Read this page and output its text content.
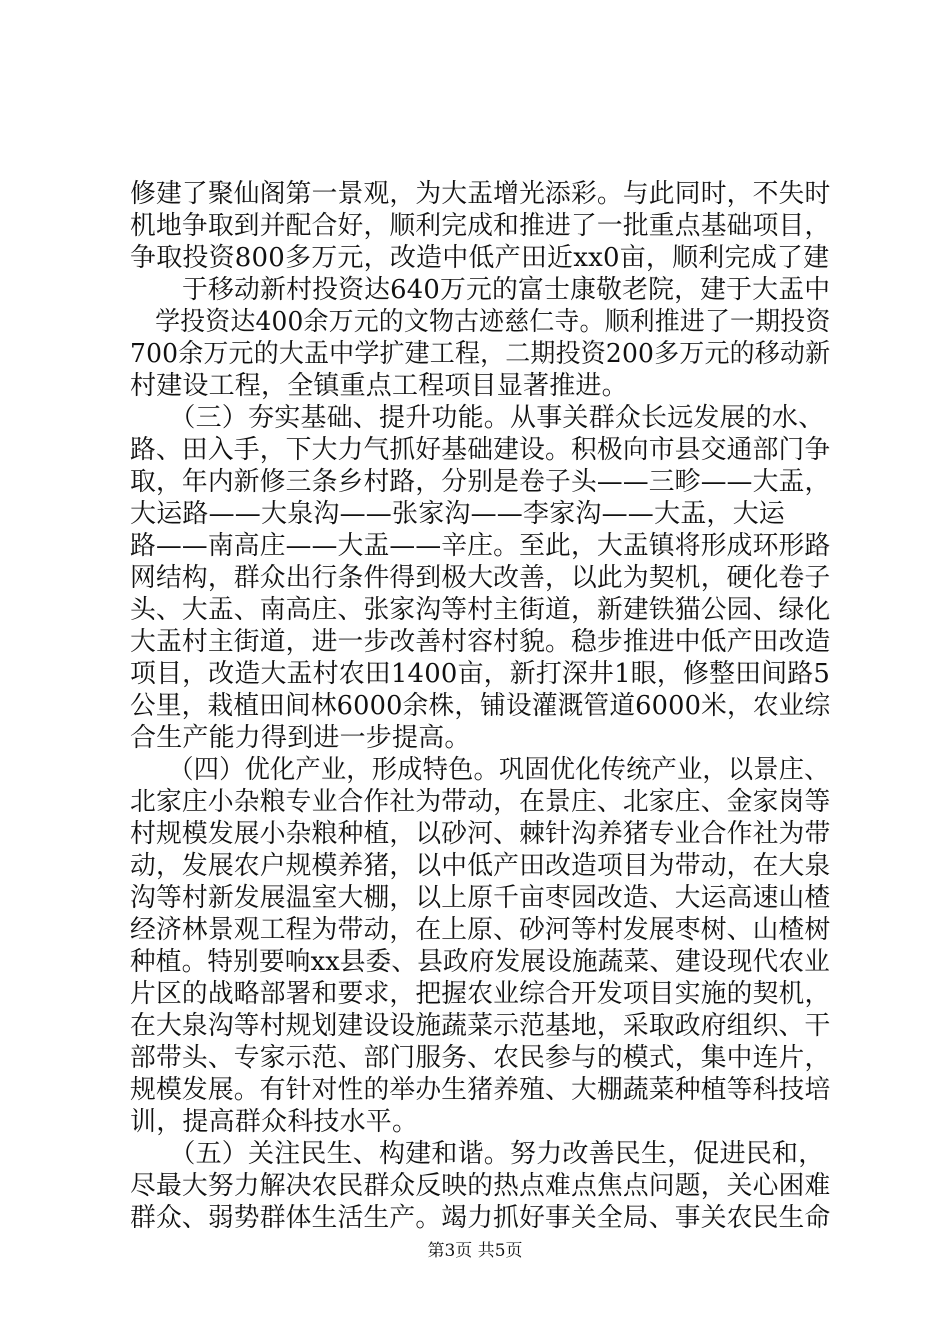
修建了聚仙阁第一景观，为大盂增光添彩。与此同时，不失时
机地争取到并配合好，顺利完成和推进了一批重点基础项目，
争取投资800多万元，改造中低产田近xx0亩，顺利完成了建
　　于移动新村投资达640万元的富士康敬老院，建于大盂中
　学投资达400余万元的文物古迹慈仁寺。顺利推进了一期投资
700余万元的大盂中学扩建工程，二期投资200多万元的移动新
村建设工程，全镇重点工程项目显著推进。
　　（三）夯实基础、提升功能。从事关群众长远发展的水、
路、田入手，下大力气抓好基础建设。积极向市县交通部门争
取，年内新修三条乡村路，分别是卷子头——三畛——大盂，
大运路——大泉沟——张家沟——李家沟——大盂，大运
路——南高庄——大盂——辛庄。至此，大盂镇将形成环形路
网结构，群众出行条件得到极大改善，以此为契机，硬化卷子
头、大盂、南高庄、张家沟等村主街道，新建铁猫公园、绿化
大盂村主街道，进一步改善村容村貌。稳步推进中低产田改造
项目，改造大盂村农田1400亩，新打深井1眼，修整田间路5
公里，栽植田间林6000余株，铺设灌溉管道6000米，农业综
合生产能力得到进一步提高。
　　（四）优化产业，形成特色。巩固优化传统产业，以景庄、
北家庄小杂粮专业合作社为带动，在景庄、北家庄、金家岗等
村规模发展小杂粮种植，以砂河、棘针沟养猪专业合作社为带
动，发展农户规模养猪，以中低产田改造项目为带动，在大泉
沟等村新发展温室大棚，以上原千亩枣园改造、大运高速山楂
经济林景观工程为带动，在上原、砂河等村发展枣树、山楂树
种植。特别要响xx县委、县政府发展设施蔬菜、建设现代农业
片区的战略部署和要求，把握农业综合开发项目实施的契机，
在大泉沟等村规划建设设施蔬菜示范基地，采取政府组织、干
部带头、专家示范、部门服务、农民参与的模式，集中连片，
规模发展。有针对性的举办生猪养殖、大棚蔬菜种植等科技培
训，提高群众科技水平。
　　（五）关注民生、构建和谐。努力改善民生，促进民和，
尽最大努力解决农民群众反映的热点难点焦点问题，关心困难
群众、弱势群体生活生产。竭力抓好事关全局、事关农民生命
第3页 共5页
